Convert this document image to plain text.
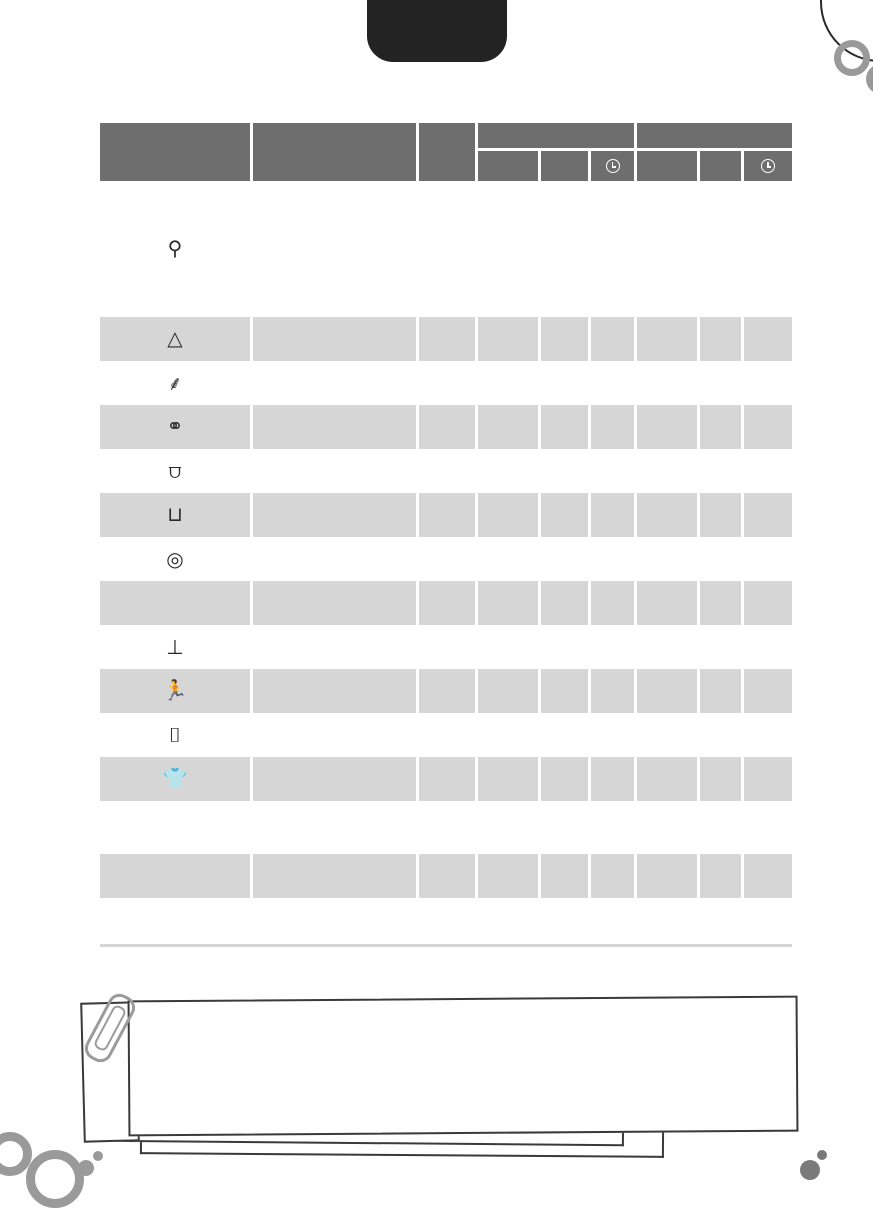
⚲								
△								
⸙								
⚭								
⩌								
⊔								
◎								

⊥								
🏃								
⌷								
👕								
